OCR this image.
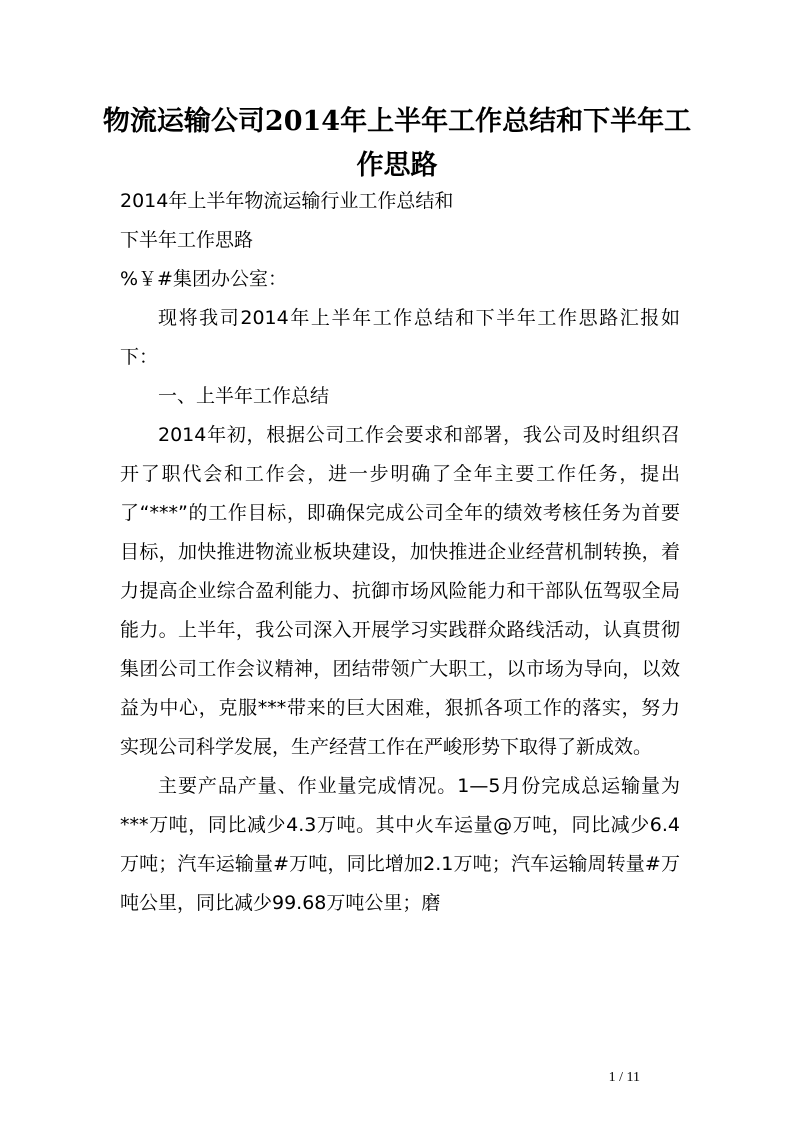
物流运输公司2014年上半年工作总结和下半年工作思路

2014年上半年物流运输行业工作总结和

下半年工作思路

%￥#集团办公室：

现将我司2014年上半年工作总结和下半年工作思路汇报如下：

一、上半年工作总结

2014年初，根据公司工作会要求和部署，我公司及时组织召开了职代会和工作会，进一步明确了全年主要工作任务，提出了“***”的工作目标，即确保完成公司全年的绩效考核任务为首要目标，加快推进物流业板块建设，加快推进企业经营机制转换，着力提高企业综合盈利能力、抗御市场风险能力和干部队伍驾驭全局能力。上半年，我公司深入开展学习实践群众路线活动，认真贯彻集团公司工作会议精神，团结带领广大职工，以市场为导向，以效益为中心，克服***带来的巨大困难，狠抓各项工作的落实，努力实现公司科学发展，生产经营工作在严峻形势下取得了新成效。

主要产品产量、作业量完成情况。1—5月份完成总运输量为***万吨，同比减少4.3万吨。其中火车运量@万吨，同比减少6.4万吨；汽车运输量#万吨，同比增加2.1万吨；汽车运输周转量#万吨公里，同比减少99.68万吨公里；磨

1 / 11
